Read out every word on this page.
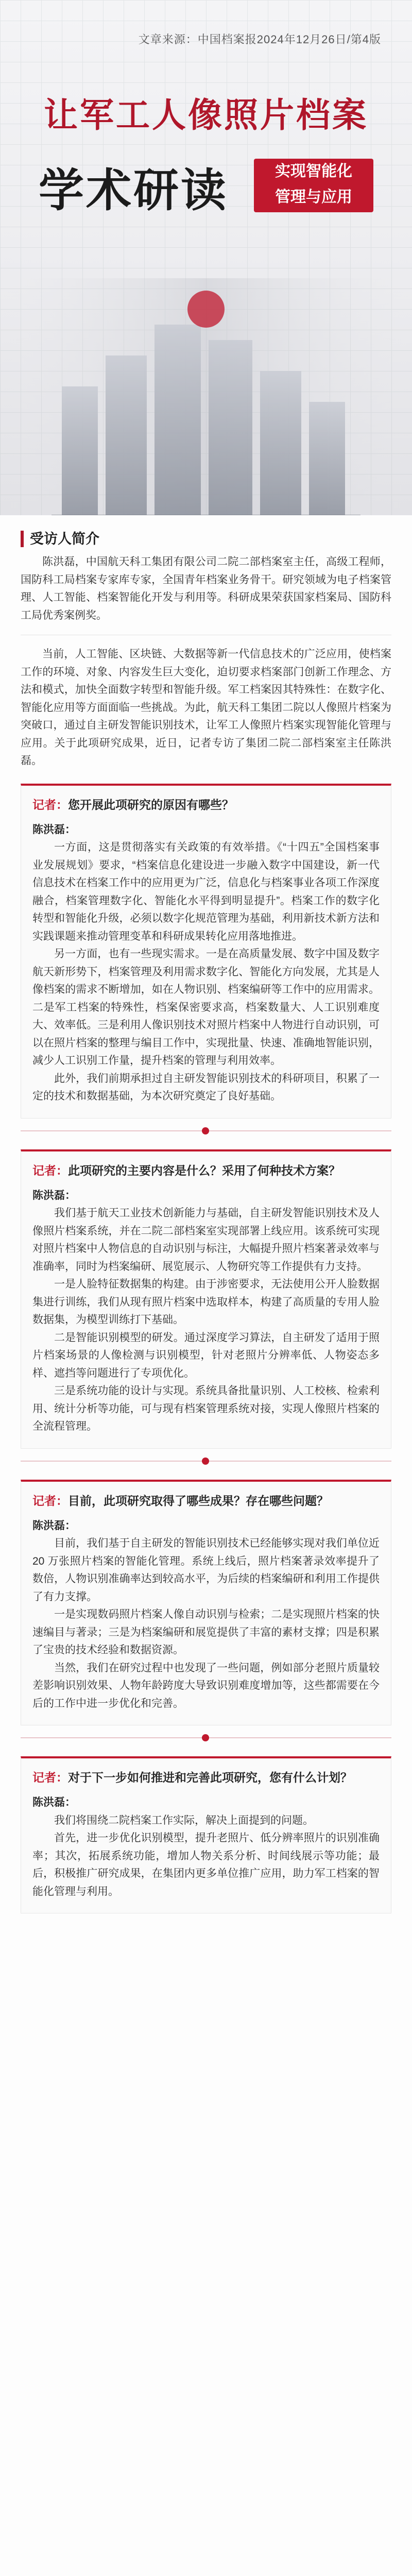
文章来源：中国档案报2024年12月26日/第4版
让军工人像照片档案
学术研读	实现智能化
管理与应用
受访人简介

陈洪磊，中国航天科工集团有限公司二院二部档案室主任，高级工程师，国防科工局档案专家库专家，全国青年档案业务骨干。研究领域为电子档案管理、人工智能、档案智能化开发与利用等。科研成果荣获国家档案局、国防科工局优秀案例奖。

当前，人工智能、区块链、大数据等新一代信息技术的广泛应用，使档案工作的环境、对象、内容发生巨大变化，迫切要求档案部门创新工作理念、方法和模式，加快全面数字转型和智能升级。军工档案因其特殊性：在数字化、智能化应用等方面面临一些挑战。为此，航天科工集团二院以人像照片档案为突破口，通过自主研发智能识别技术，让军工人像照片档案实现智能化管理与应用。关于此项研究成果，近日，记者专访了集团二院二部档案室主任陈洪磊。

记者：您开展此项研究的原因有哪些？

陈洪磊：

一方面，这是贯彻落实有关政策的有效举措。《“十四五”全国档案事业发展规划》要求，“档案信息化建设进一步融入数字中国建设，新一代信息技术在档案工作中的应用更为广泛，信息化与档案事业各项工作深度融合，档案管理数字化、智能化水平得到明显提升”。档案工作的数字化转型和智能化升级，必须以数字化规范管理为基础，利用新技术新方法和实践课题来推动管理变革和科研成果转化应用落地推进。

另一方面，也有一些现实需求。一是在高质量发展、数字中国及数字航天新形势下，档案管理及利用需求数字化、智能化方向发展，尤其是人像档案的需求不断增加，如在人物识别、档案编研等工作中的应用需求。二是军工档案的特殊性，档案保密要求高，档案数量大、人工识别难度大、效率低。三是利用人像识别技术对照片档案中人物进行自动识别，可以在照片档案的整理与编目工作中，实现批量、快速、准确地智能识别，减少人工识别工作量，提升档案的管理与利用效率。

此外，我们前期承担过自主研发智能识别技术的科研项目，积累了一定的技术和数据基础，为本次研究奠定了良好基础。

记者：此项研究的主要内容是什么？采用了何种技术方案？

陈洪磊：

我们基于航天工业技术创新能力与基础，自主研发智能识别技术及人像照片档案系统，并在二院二部档案室实现部署上线应用。该系统可实现对照片档案中人物信息的自动识别与标注，大幅提升照片档案著录效率与准确率，同时为档案编研、展览展示、人物研究等工作提供有力支持。

一是人脸特征数据集的构建。由于涉密要求，无法使用公开人脸数据集进行训练，我们从现有照片档案中选取样本，构建了高质量的专用人脸数据集，为模型训练打下基础。

二是智能识别模型的研发。通过深度学习算法，自主研发了适用于照片档案场景的人像检测与识别模型，针对老照片分辨率低、人物姿态多样、遮挡等问题进行了专项优化。

三是系统功能的设计与实现。系统具备批量识别、人工校核、检索利用、统计分析等功能，可与现有档案管理系统对接，实现人像照片档案的全流程管理。

记者：目前，此项研究取得了哪些成果？存在哪些问题？

陈洪磊：

目前，我们基于自主研发的智能识别技术已经能够实现对我们单位近 20 万张照片档案的智能化管理。系统上线后，照片档案著录效率提升了数倍，人物识别准确率达到较高水平，为后续的档案编研和利用工作提供了有力支撑。

一是实现数码照片档案人像自动识别与检索；二是实现照片档案的快速编目与著录；三是为档案编研和展览提供了丰富的素材支撑；四是积累了宝贵的技术经验和数据资源。

当然，我们在研究过程中也发现了一些问题，例如部分老照片质量较差影响识别效果、人物年龄跨度大导致识别难度增加等，这些都需要在今后的工作中进一步优化和完善。

记者：对于下一步如何推进和完善此项研究，您有什么计划？

陈洪磊：

我们将围绕二院档案工作实际，解决上面提到的问题。

首先，进一步优化识别模型，提升老照片、低分辨率照片的识别准确率；其次，拓展系统功能，增加人物关系分析、时间线展示等功能；最后，积极推广研究成果，在集团内更多单位推广应用，助力军工档案的智能化管理与利用。
